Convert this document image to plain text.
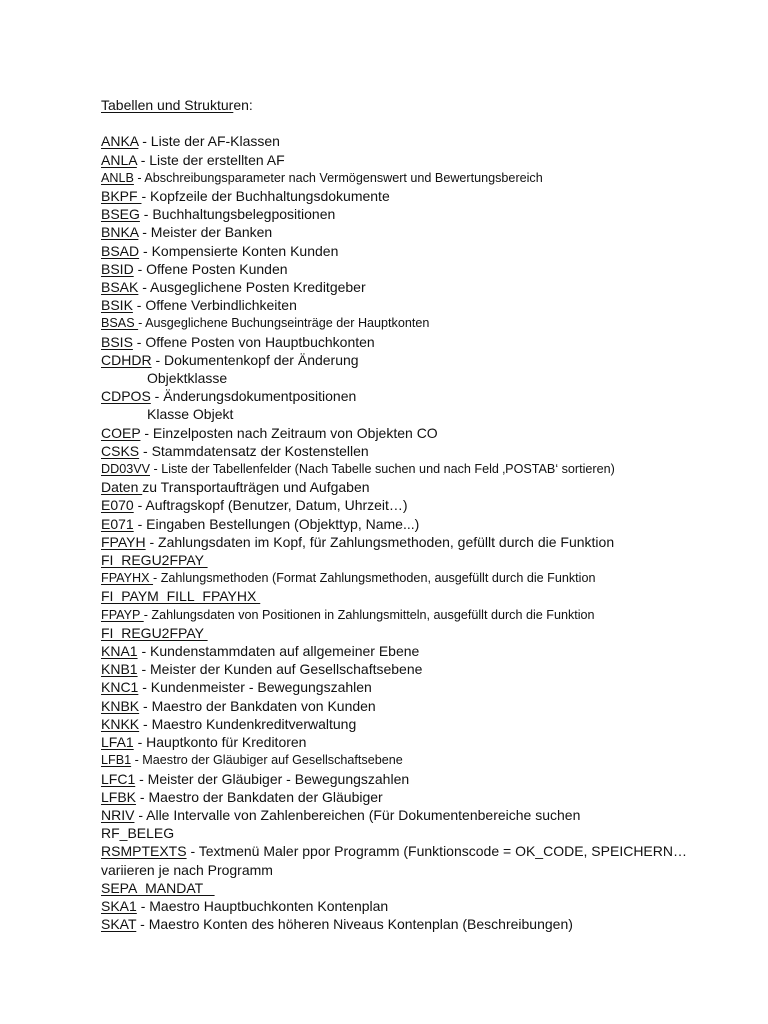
Tabellen und Strukturen:
ANKA - Liste der AF-Klassen
ANLA - Liste der erstellten AF
ANLB - Abschreibungsparameter nach Vermögenswert und Bewertungsbereich
BKPF - Kopfzeile der Buchhaltungsdokumente
BSEG - Buchhaltungsbelegpositionen
BNKA - Meister der Banken
BSAD - Kompensierte Konten Kunden
BSID - Offene Posten Kunden
BSAK - Ausgeglichene Posten Kreditgeber
BSIK - Offene Verbindlichkeiten
BSAS - Ausgeglichene Buchungseinträge der Hauptkonten
BSIS - Offene Posten von Hauptbuchkonten
CDHDR - Dokumentenkopf der Änderung
Objektklasse
CDPOS - Änderungsdokumentpositionen
Klasse Objekt
COEP - Einzelposten nach Zeitraum von Objekten CO
CSKS - Stammdatensatz der Kostenstellen
DD03VV - Liste der Tabellenfelder (Nach Tabelle suchen und nach Feld ‚POSTAB‘ sortieren)
Daten zu Transportaufträgen und Aufgaben
E070 - Auftragskopf (Benutzer, Datum, Uhrzeit…)
E071 - Eingaben Bestellungen (Objekttyp, Name...)
FPAYH - Zahlungsdaten im Kopf, für Zahlungsmethoden, gefüllt durch die Funktion
FI_REGU2FPAY
FPAYHX - Zahlungsmethoden (Format Zahlungsmethoden, ausgefüllt durch die Funktion
FI_PAYM_FILL_FPAYHX
FPAYP - Zahlungsdaten von Positionen in Zahlungsmitteln, ausgefüllt durch die Funktion
FI_REGU2FPAY
KNA1 - Kundenstammdaten auf allgemeiner Ebene
KNB1 - Meister der Kunden auf Gesellschaftsebene
KNC1 - Kundenmeister - Bewegungszahlen
KNBK - Maestro der Bankdaten von Kunden
KNKK - Maestro Kundenkreditverwaltung
LFA1 - Hauptkonto für Kreditoren
LFB1 - Maestro der Gläubiger auf Gesellschaftsebene
LFC1 - Meister der Gläubiger - Bewegungszahlen
LFBK - Maestro der Bankdaten der Gläubiger
NRIV - Alle Intervalle von Zahlenbereichen (Für Dokumentenbereiche suchen
RF_BELEG
RSMPTEXTS - Textmenü Maler ppor Programm (Funktionscode = OK_CODE, SPEICHERN…
variieren je nach Programm
SEPA_MANDAT
SKA1 - Maestro Hauptbuchkonten Kontenplan
SKAT - Maestro Konten des höheren Niveaus Kontenplan (Beschreibungen)
